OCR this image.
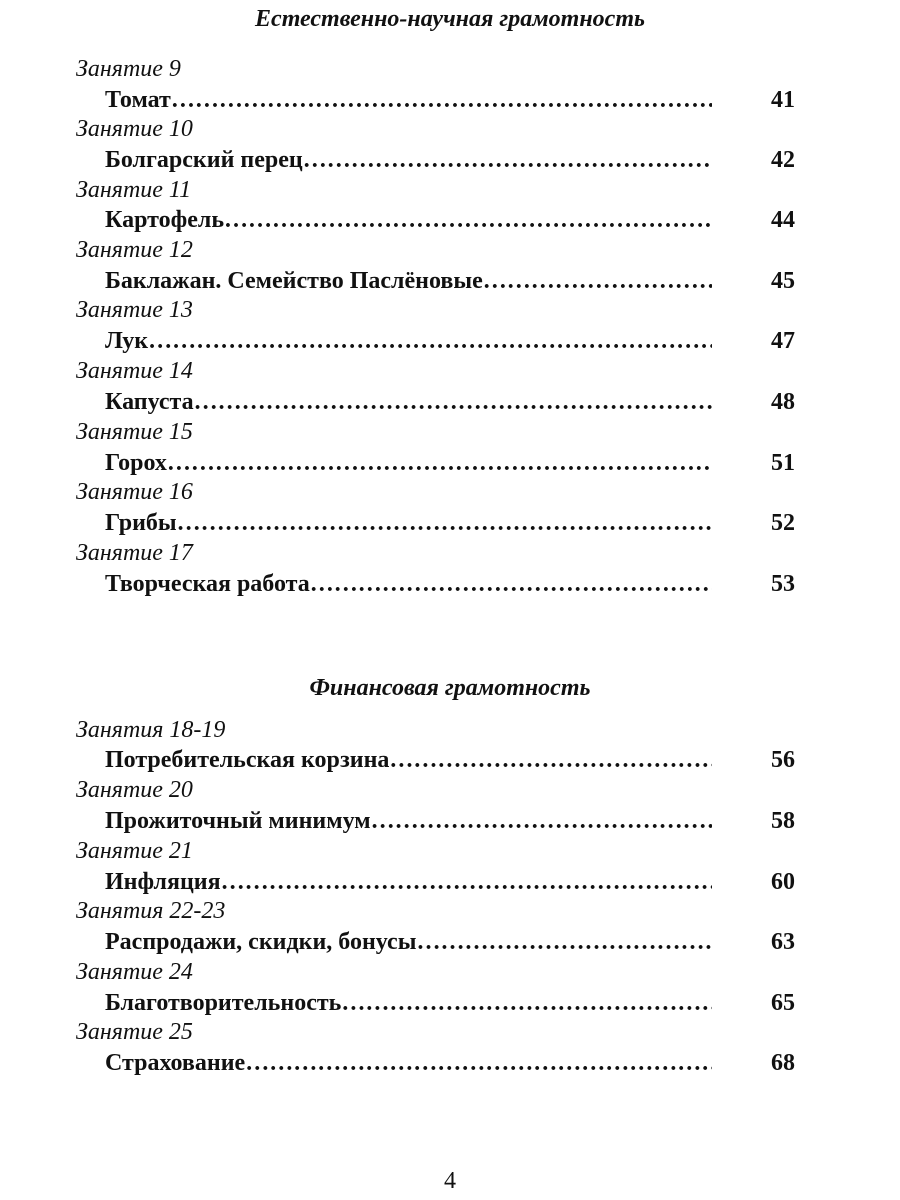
Естественно-научная грамотность
Занятие 9
Томат ……………………………………………………………………………………………………………………	41
Занятие 10
Болгарский перец ……………………………………………………………………………………………………………………	42
Занятие 11
Картофель ……………………………………………………………………………………………………………………	44
Занятие 12
Баклажан. Семейство Паслёновые ……………………………………………………………………………………………………………………	45
Занятие 13
Лук ……………………………………………………………………………………………………………………	47
Занятие 14
Капуста ……………………………………………………………………………………………………………………	48
Занятие 15
Горох ……………………………………………………………………………………………………………………	51
Занятие 16
Грибы ……………………………………………………………………………………………………………………	52
Занятие 17
Творческая работа ……………………………………………………………………………………………………………………	53
Финансовая грамотность
Занятия 18-19
Потребительская корзина ……………………………………………………………………………………………………………………	56
Занятие 20
Прожиточный минимум ……………………………………………………………………………………………………………………	58
Занятие 21
Инфляция ……………………………………………………………………………………………………………………	60
Занятия 22-23
Распродажи, скидки, бонусы ……………………………………………………………………………………………………………………	63
Занятие 24
Благотворительность ……………………………………………………………………………………………………………………	65
Занятие 25
Страхование ……………………………………………………………………………………………………………………	68
4
